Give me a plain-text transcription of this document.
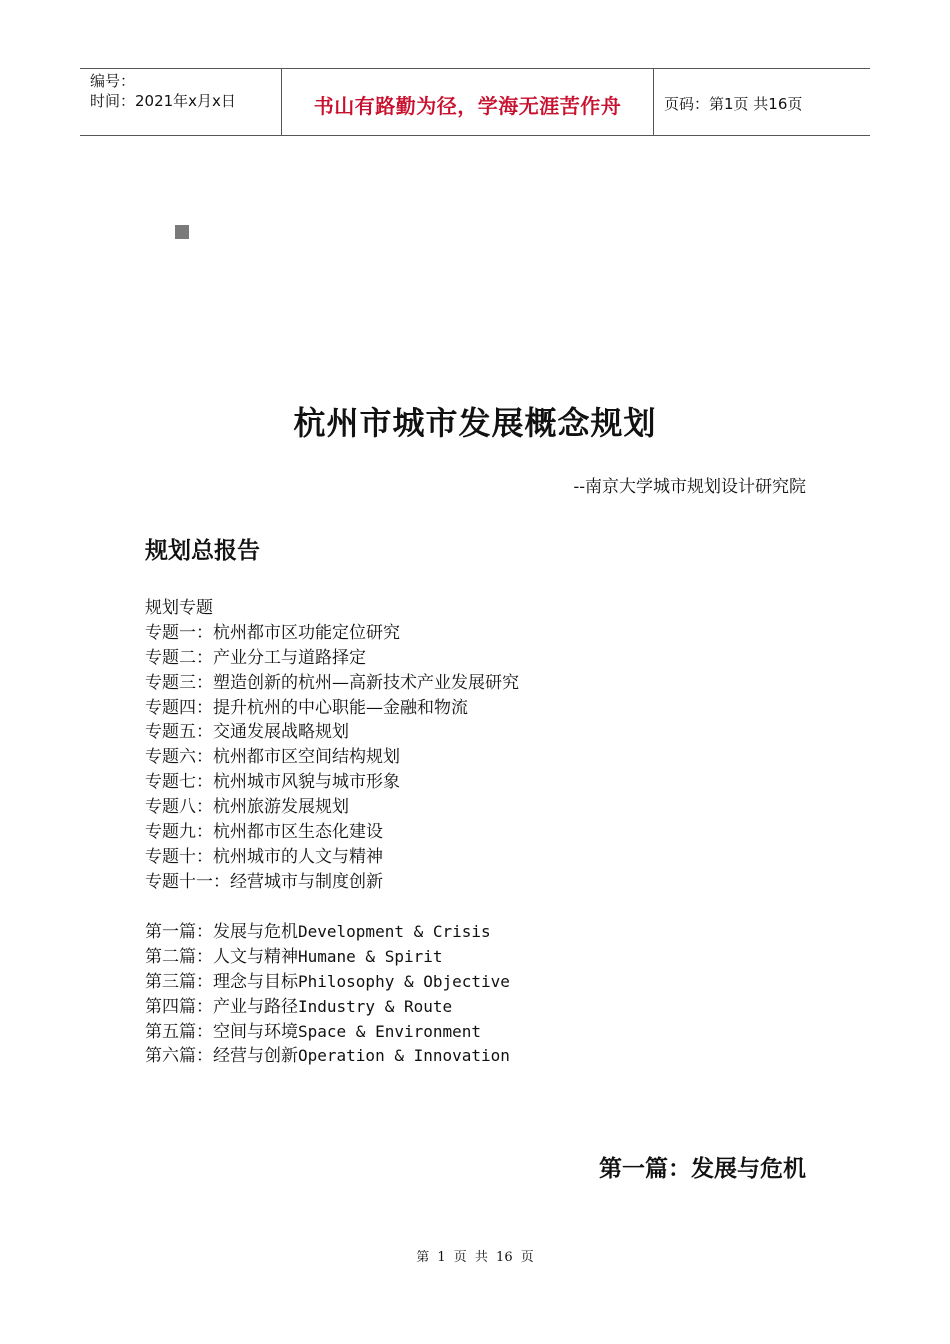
编号：
时间：2021年x月x日	书山有路勤为径，学海无涯苦作舟	页码：第1页 共16页
杭州市城市发展概念规划
--南京大学城市规划设计研究院
规划总报告
规划专题
专题一：杭州都市区功能定位研究
专题二：产业分工与道路择定
专题三：塑造创新的杭州—高新技术产业发展研究
专题四：提升杭州的中心职能—金融和物流
专题五：交通发展战略规划
专题六：杭州都市区空间结构规划
专题七：杭州城市风貌与城市形象
专题八：杭州旅游发展规划
专题九：杭州都市区生态化建设
专题十：杭州城市的人文与精神
专题十一：经营城市与制度创新
第一篇：发展与危机Development & Crisis
第二篇：人文与精神Humane & Spirit
第三篇：理念与目标Philosophy & Objective
第四篇：产业与路径Industry & Route
第五篇：空间与环境Space & Environment
第六篇：经营与创新Operation & Innovation
第一篇：发展与危机
第 1 页 共 16 页
